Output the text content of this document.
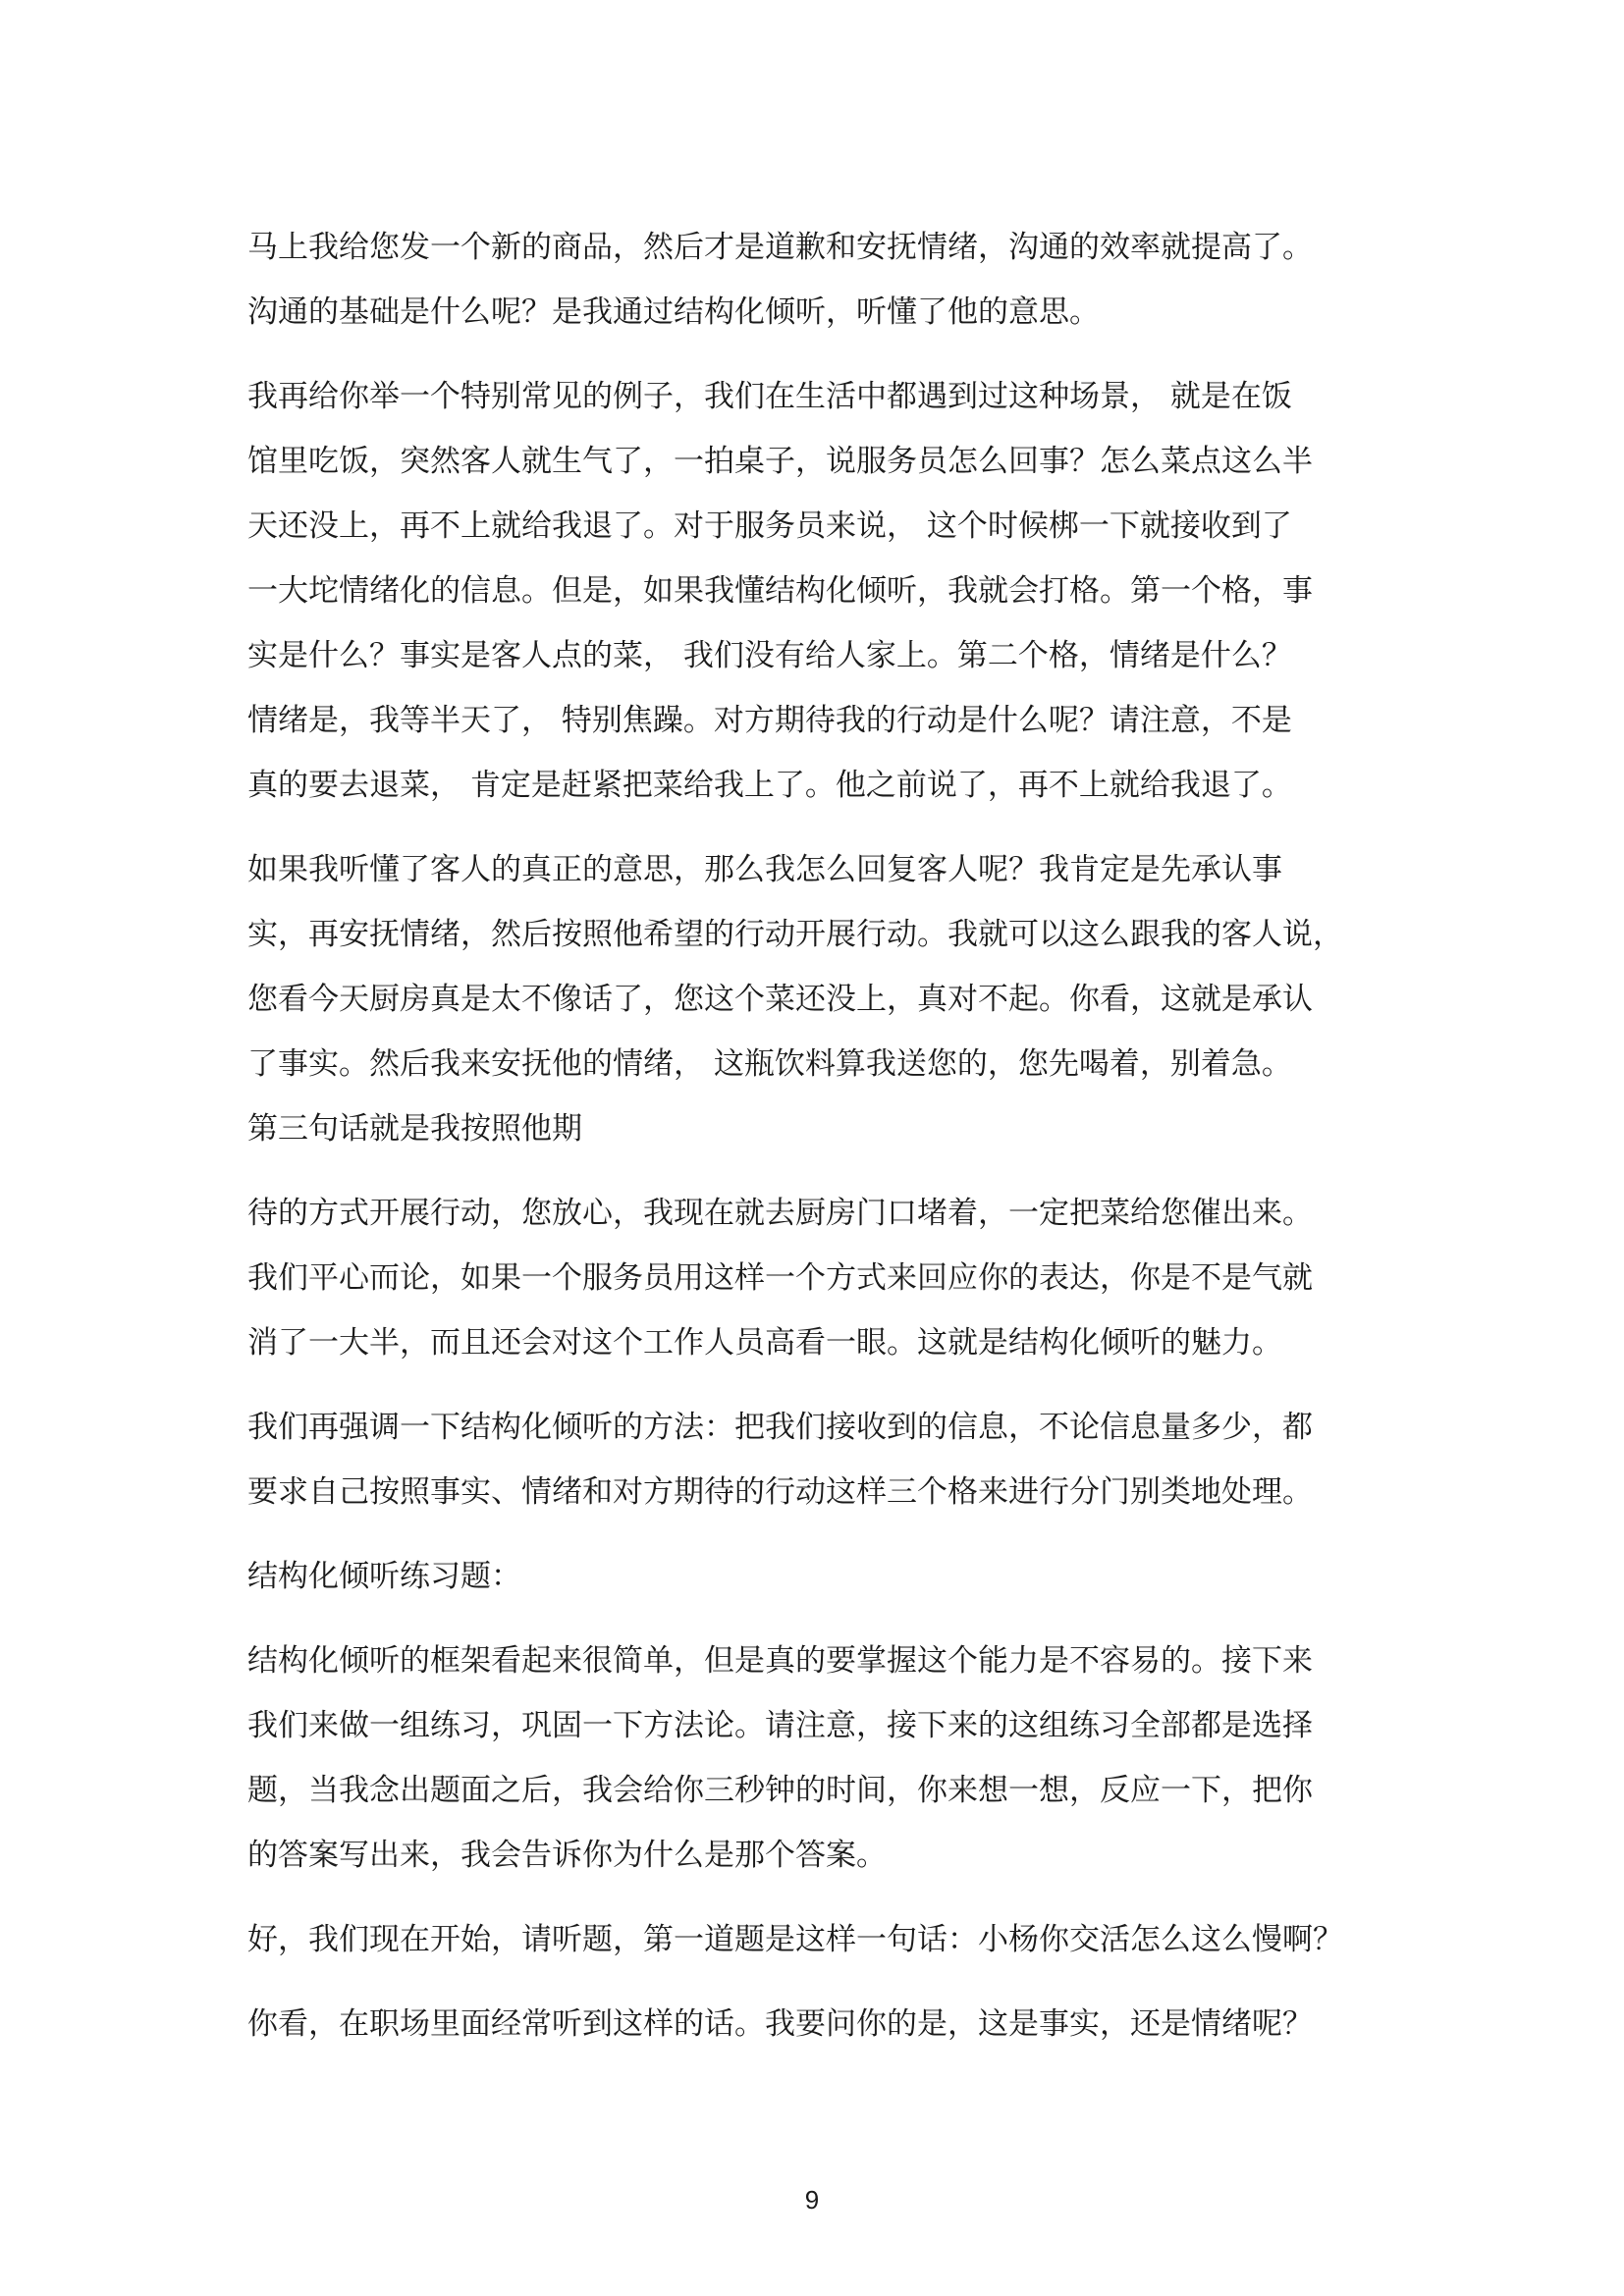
马上我给您发一个新的商品，然后才是道歉和安抚情绪，沟通的效率就提高了。
沟通的基础是什么呢？是我通过结构化倾听，听懂了他的意思。

我再给你举一个特别常见的例子，我们在生活中都遇到过这种场景， 就是在饭
馆里吃饭，突然客人就生气了，一拍桌子，说服务员怎么回事？怎么菜点这么半
天还没上，再不上就给我退了。对于服务员来说， 这个时候梆一下就接收到了
一大坨情绪化的信息。但是，如果我懂结构化倾听，我就会打格。第一个格，事
实是什么？事实是客人点的菜， 我们没有给人家上。第二个格，情绪是什么？
情绪是，我等半天了， 特别焦躁。对方期待我的行动是什么呢？请注意，不是
真的要去退菜， 肯定是赶紧把菜给我上了。他之前说了，再不上就给我退了。

如果我听懂了客人的真正的意思，那么我怎么回复客人呢？我肯定是先承认事
实，再安抚情绪，然后按照他希望的行动开展行动。我就可以这么跟我的客人说，
您看今天厨房真是太不像话了，您这个菜还没上，真对不起。你看，这就是承认
了事实。然后我来安抚他的情绪， 这瓶饮料算我送您的，您先喝着，别着急。
第三句话就是我按照他期

待的方式开展行动，您放心，我现在就去厨房门口堵着，一定把菜给您催出来。
我们平心而论，如果一个服务员用这样一个方式来回应你的表达，你是不是气就
消了一大半，而且还会对这个工作人员高看一眼。这就是结构化倾听的魅力。

我们再强调一下结构化倾听的方法：把我们接收到的信息，不论信息量多少，都
要求自己按照事实、情绪和对方期待的行动这样三个格来进行分门别类地处理。

结构化倾听练习题：

结构化倾听的框架看起来很简单，但是真的要掌握这个能力是不容易的。接下来
我们来做一组练习，巩固一下方法论。请注意，接下来的这组练习全部都是选择
题，当我念出题面之后，我会给你三秒钟的时间，你来想一想，反应一下，把你
的答案写出来，我会告诉你为什么是那个答案。

好，我们现在开始，请听题，第一道题是这样一句话：小杨你交活怎么这么慢啊？

你看，在职场里面经常听到这样的话。我要问你的是，这是事实，还是情绪呢？

9
